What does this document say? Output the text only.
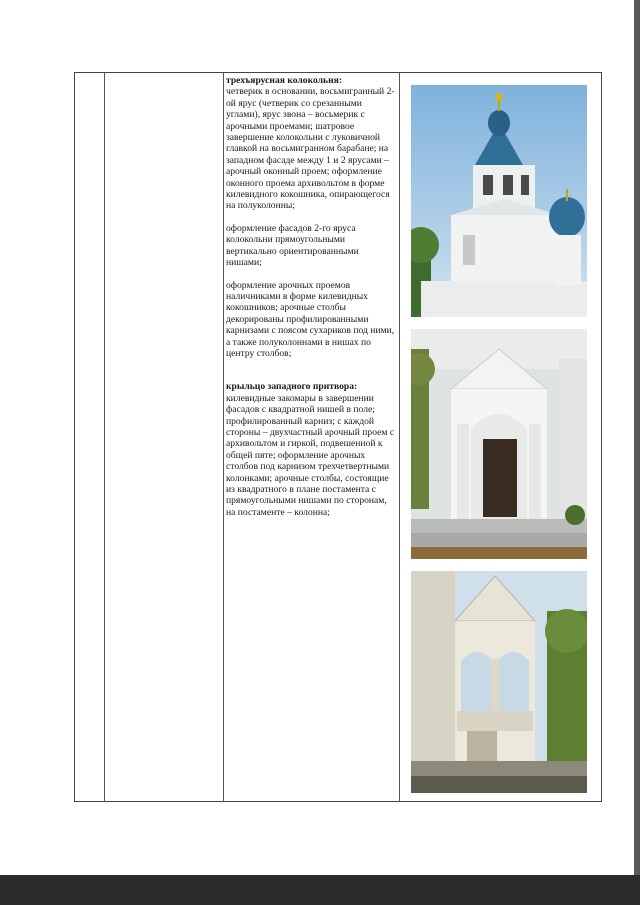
трехъярусная колокольня:
четверик в основании, восьмигранный 2-ой ярус (четверик со срезанными углами), ярус звона – восьмерик с арочными проемами; шатровое завершение колокольни с луковичной главкой на восьмигранном барабане; на западном фасаде между 1 и 2 ярусами – арочный оконный проем; оформление оконного проема архивольтом в форме килевидного кокошника, опирающегося на полуколонны;

оформление фасадов 2-го яруса колокольни прямоугольными вертикально ориентированными нишами;

оформление арочных проемов наличниками в форме килевидных кокошников; арочные столбы декорированы профилированными карнизами с поясом сухариков под ними, а также полуколоннами в нишах по центру столбов;

крыльцо западного притвора:
килевидные закомары в завершении фасадов с квадратной нишей в поле; профилированный карниз; с каждой стороны – двухчастный арочный проем с архивольтом и гиркой, подвешенной к общей пяте; оформление арочных столбов под карнизом трехчетвертными колонками; арочные столбы, состоящие из квадратного в плане постамента с прямоугольными нишами по сторонам, на постаменте – колонна;
